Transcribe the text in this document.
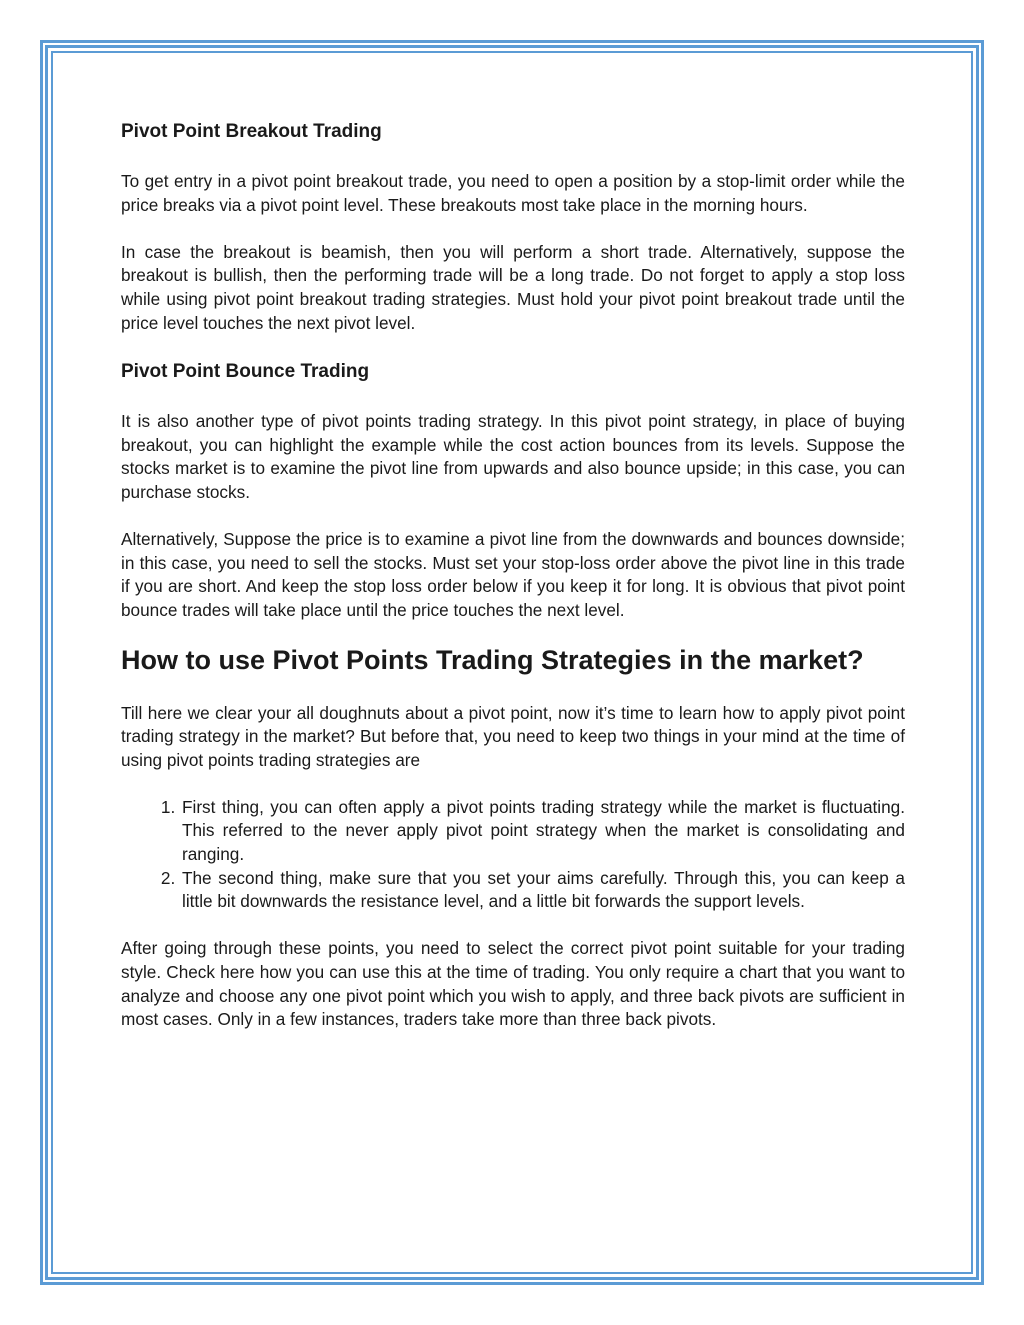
Pivot Point Breakout Trading

To get entry in a pivot point breakout trade, you need to open a position by a stop-limit order while the price breaks via a pivot point level. These breakouts most take place in the morning hours.

In case the breakout is beamish, then you will perform a short trade. Alternatively, suppose the breakout is bullish, then the performing trade will be a long trade. Do not forget to apply a stop loss while using pivot point breakout trading strategies. Must hold your pivot point breakout trade until the price level touches the next pivot level.

Pivot Point Bounce Trading

It is also another type of pivot points trading strategy. In this pivot point strategy, in place of buying breakout, you can highlight the example while the cost action bounces from its levels. Suppose the stocks market is to examine the pivot line from upwards and also bounce upside; in this case, you can purchase stocks.

Alternatively, Suppose the price is to examine a pivot line from the downwards and bounces downside; in this case, you need to sell the stocks. Must set your stop-loss order above the pivot line in this trade if you are short. And keep the stop loss order below if you keep it for long. It is obvious that pivot point bounce trades will take place until the price touches the next level.

How to use Pivot Points Trading Strategies in the market?

Till here we clear your all doughnuts about a pivot point, now it’s time to learn how to apply pivot point trading strategy in the market? But before that, you need to keep two things in your mind at the time of using pivot points trading strategies are

1. First thing, you can often apply a pivot points trading strategy while the market is fluctuating. This referred to the never apply pivot point strategy when the market is consolidating and ranging.
2. The second thing, make sure that you set your aims carefully. Through this, you can keep a little bit downwards the resistance level, and a little bit forwards the support levels.

After going through these points, you need to select the correct pivot point suitable for your trading style. Check here how you can use this at the time of trading. You only require a chart that you want to analyze and choose any one pivot point which you wish to apply, and three back pivots are sufficient in most cases. Only in a few instances, traders take more than three back pivots.
